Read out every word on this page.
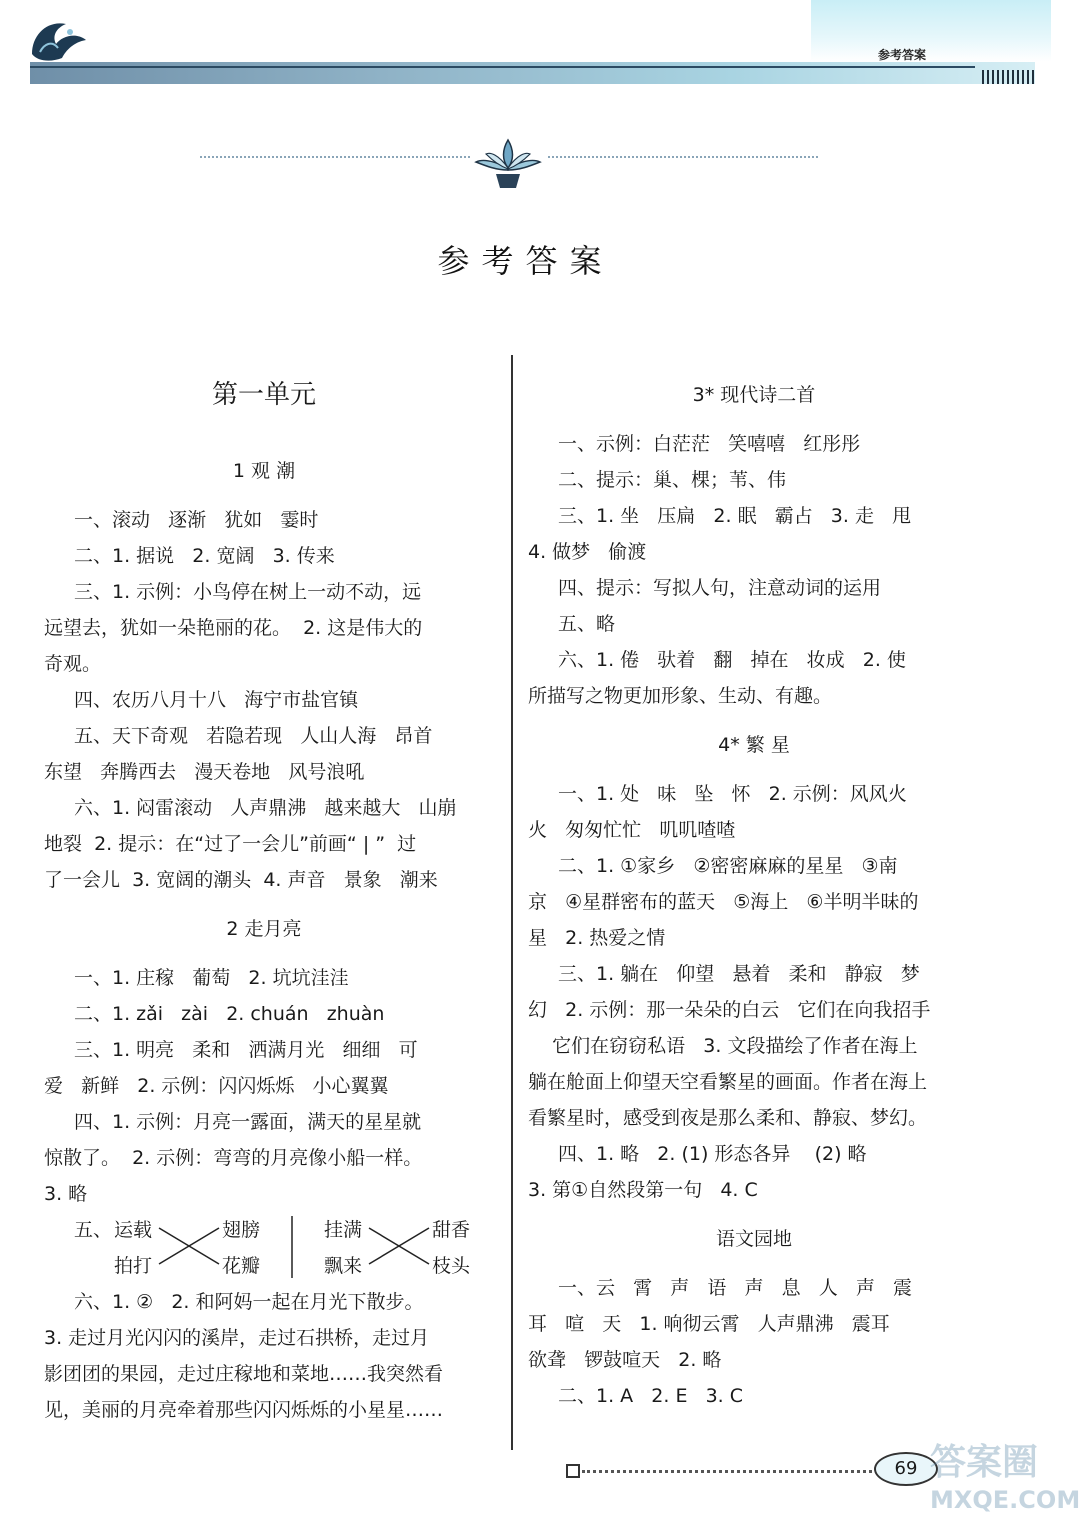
参考答案
参考答案
第一单元
1 观 潮
一、滚动   逐渐   犹如   霎时
二、1. 据说   2. 宽阔   3. 传来
三、1. 示例：小鸟停在树上一动不动，远
远望去，犹如一朵艳丽的花。  2. 这是伟大的
奇观。
四、农历八月十八   海宁市盐官镇
五、天下奇观   若隐若现   人山人海   昂首
东望   奔腾西去   漫天卷地   风号浪吼
六、1. 闷雷滚动   人声鼎沸   越来越大   山崩
地裂  2. 提示：在“过了一会儿”前画“ | ”  过
了一会儿  3. 宽阔的潮头  4. 声音   景象   潮来
2 走月亮
一、1. 庄稼   葡萄   2. 坑坑洼洼
二、1. zǎi   zài   2. chuán   zhuàn
三、1. 明亮   柔和   洒满月光   细细   可
爱   新鲜   2. 示例：闪闪烁烁   小心翼翼
四、1. 示例：月亮一露面，满天的星星就
惊散了。  2. 示例：弯弯的月亮像小船一样。
3. 略
五、 运载
拍打
翅膀
花瓣
挂满
飘来
甜香
枝头
六、1. ②   2. 和阿妈一起在月光下散步。
3. 走过月光闪闪的溪岸，走过石拱桥，走过月
影团团的果园，走过庄稼地和菜地……我突然看
见，美丽的月亮牵着那些闪闪烁烁的小星星……
3* 现代诗二首
一、示例：白茫茫   笑嘻嘻   红彤彤
二、提示：巢、棵；苇、伟
三、1. 坐   压扁   2. 眠   霸占   3. 走   甩
4. 做梦   偷渡
四、提示：写拟人句，注意动词的运用
五、略
六、1. 倦   驮着   翻   掉在   妆成   2. 使
所描写之物更加形象、生动、有趣。
4* 繁 星
一、1. 处   味   坠   怀   2. 示例：风风火
火   匆匆忙忙   叽叽喳喳
二、1. ①家乡   ②密密麻麻的星星   ③南
京   ④星群密布的蓝天   ⑤海上   ⑥半明半昧的
星   2. 热爱之情
三、1. 躺在   仰望   悬着   柔和   静寂   梦
幻   2. 示例：那一朵朵的白云   它们在向我招手
它们在窃窃私语   3. 文段描绘了作者在海上
躺在舱面上仰望天空看繁星的画面。作者在海上
看繁星时，感受到夜是那么柔和、静寂、梦幻。
四、1. 略   2. (1) 形态各异    (2) 略
3. 第①自然段第一句   4. C
语文园地
一、云   霄   声   语   声   息   人   声   震
耳   喧   天   1. 响彻云霄   人声鼎沸   震耳
欲聋   锣鼓喧天   2. 略
二、1. A   2. E   3. C
69 答案圈
MXQE.COM
